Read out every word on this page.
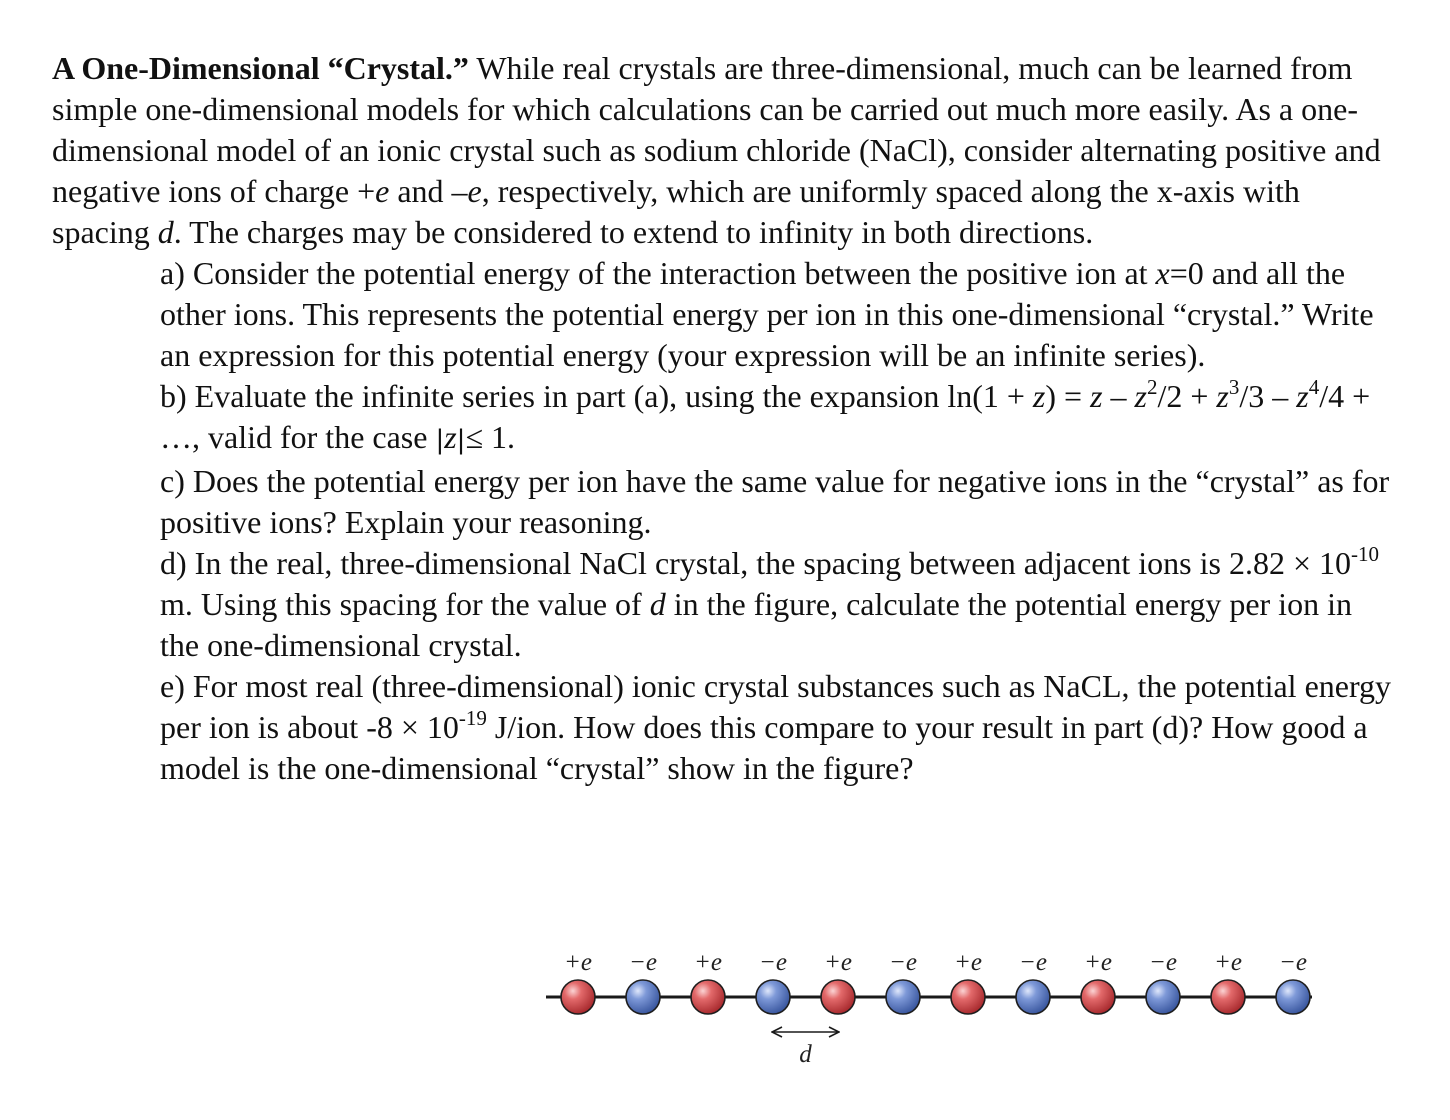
A One-Dimensional “Crystal.” While real crystals are three-dimensional, much can be learned from simple one-dimensional models for which calculations can be carried out much more easily. As a one-dimensional model of an ionic crystal such as sodium chloride (NaCl), consider alternating positive and negative ions of charge +e and –e, respectively, which are uniformly spaced along the x-axis with spacing d. The charges may be considered to extend to infinity in both directions.

a) Consider the potential energy of the interaction between the positive ion at x=0 and all the other ions. This represents the potential energy per ion in this one-dimensional “crystal.” Write an expression for this potential energy (your expression will be an infinite series).

b) Evaluate the infinite series in part (a), using the expansion $\ln(1 + z) = z - z^2/2 + z^3/3 - z^4/4$ + …, valid for the case |z|≤ 1.

c) Does the potential energy per ion have the same value for negative ions in the “crystal” as for positive ions? Explain your reasoning.

d) In the real, three-dimensional NaCl crystal, the spacing between adjacent ions is $2.82 \times 10^{-10}$ m. Using this spacing for the value of d in the figure, calculate the potential energy per ion in the one-dimensional crystal.

e) For most real (three-dimensional) ionic crystal substances such as NaCL, the potential energy per ion is about $-8 \times 10^{-19}$ J/ion. How does this compare to your result in part (d)? How good a model is the one-dimensional “crystal” show in the figure?

+e −e +e −e +e −e +e −e +e −e +e −e
d
